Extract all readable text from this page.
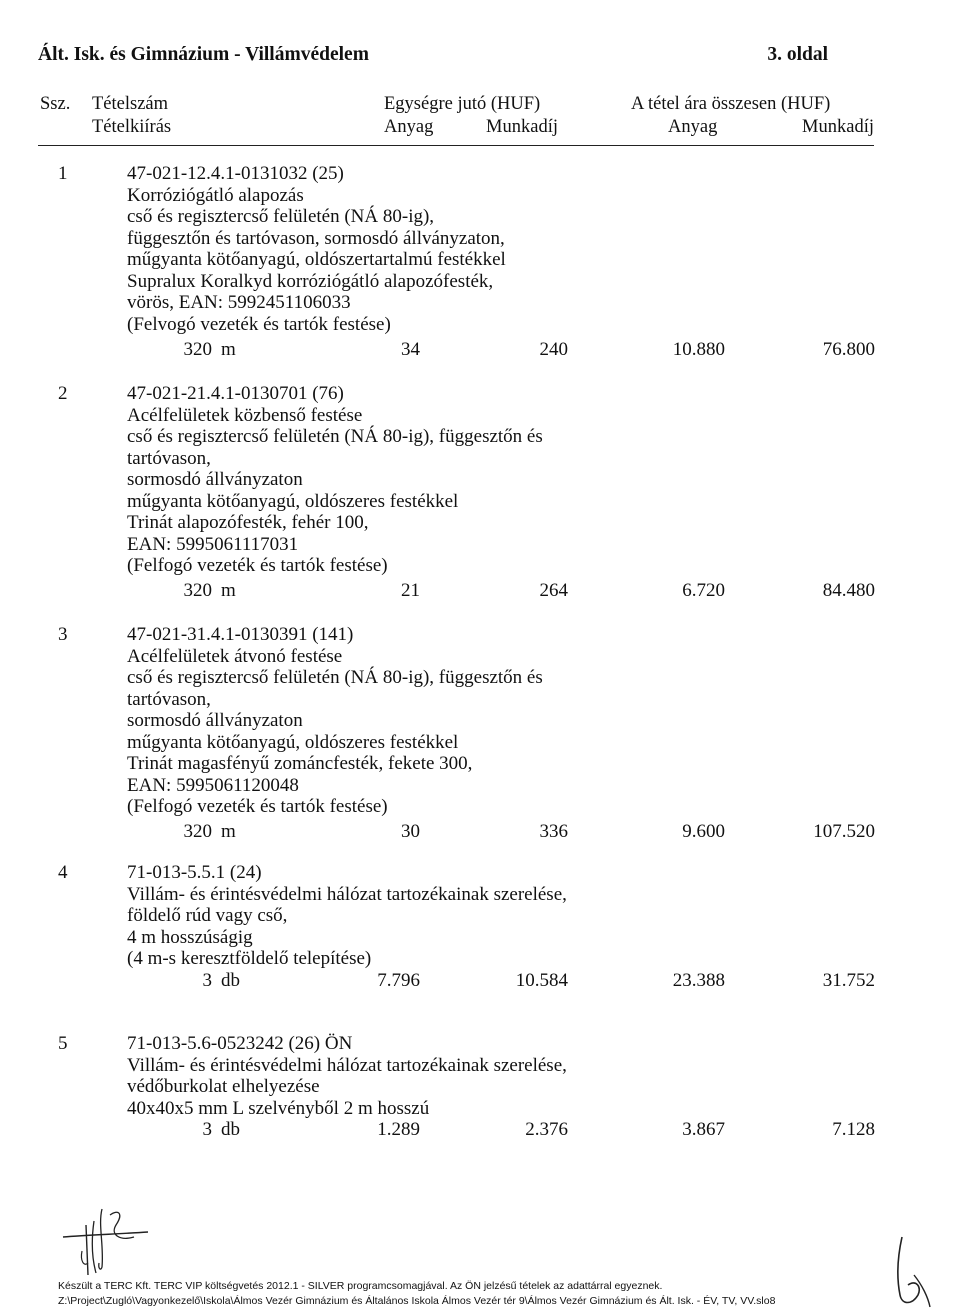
Ált. Isk. és Gimnázium - Villámvédelem	3. oldal
Ssz. Tételszám
Tételkiírás
Egységre jutó (HUF)	A tétel ára összesen (HUF)
Anyag	Munkadíj	Anyag	Munkadíj
1	47-021-12.4.1-0131032 (25)
Korróziógátló alapozás
cső és regisztercső felületén (NÁ 80-ig),
függesztőn és tartóvason, sormosdó állványzaton,
műgyanta kötőanyagú, oldószertartalmú festékkel
Supralux Koralkyd korróziógátló alapozófesték,
vörös, EAN: 5992451106033
(Felvogó vezeték és tartók festése)
320 m	34	240	10.880	76.800
2	47-021-21.4.1-0130701 (76)
Acélfelületek közbenső festése
cső és regisztercső felületén (NÁ 80-ig), függesztőn és
tartóvason,
sormosdó állványzaton
műgyanta kötőanyagú, oldószeres festékkel
Trinát alapozófesték, fehér 100,
EAN: 5995061117031
(Felfogó vezeték és tartók festése)
320 m	21	264	6.720	84.480
3	47-021-31.4.1-0130391 (141)
Acélfelületek átvonó festése
cső és regisztercső felületén (NÁ 80-ig), függesztőn és
tartóvason,
sormosdó állványzaton
műgyanta kötőanyagú, oldószeres festékkel
Trinát magasfényű zománcfesték, fekete 300,
EAN: 5995061120048
(Felfogó vezeték és tartók festése)
320 m	30	336	9.600	107.520
4	71-013-5.5.1 (24)
Villám- és érintésvédelmi hálózat tartozékainak szerelése,
földelő rúd vagy cső,
4 m hosszúságig
(4 m-s keresztföldelő telepítése)
3 db	7.796	10.584	23.388	31.752
5	71-013-5.6-0523242 (26) ÖN
Villám- és érintésvédelmi hálózat tartozékainak szerelése,
védőburkolat elhelyezése
40x40x5 mm L szelvényből 2 m hosszú
3 db	1.289	2.376	3.867	7.128
Készült a TERC Kft. TERC VIP költségvetés 2012.1 - SILVER programcsomagjával. Az ÖN jelzésű tételek az adattárral egyeznek.
Z:\Project\Zugló\Vagyonkezelő\Iskola\Álmos Vezér Gimnázium és Általános Iskola Álmos Vezér tér 9\Álmos Vezér Gimnázium és Ált. Isk. - ÉV, TV, VV.slo8
